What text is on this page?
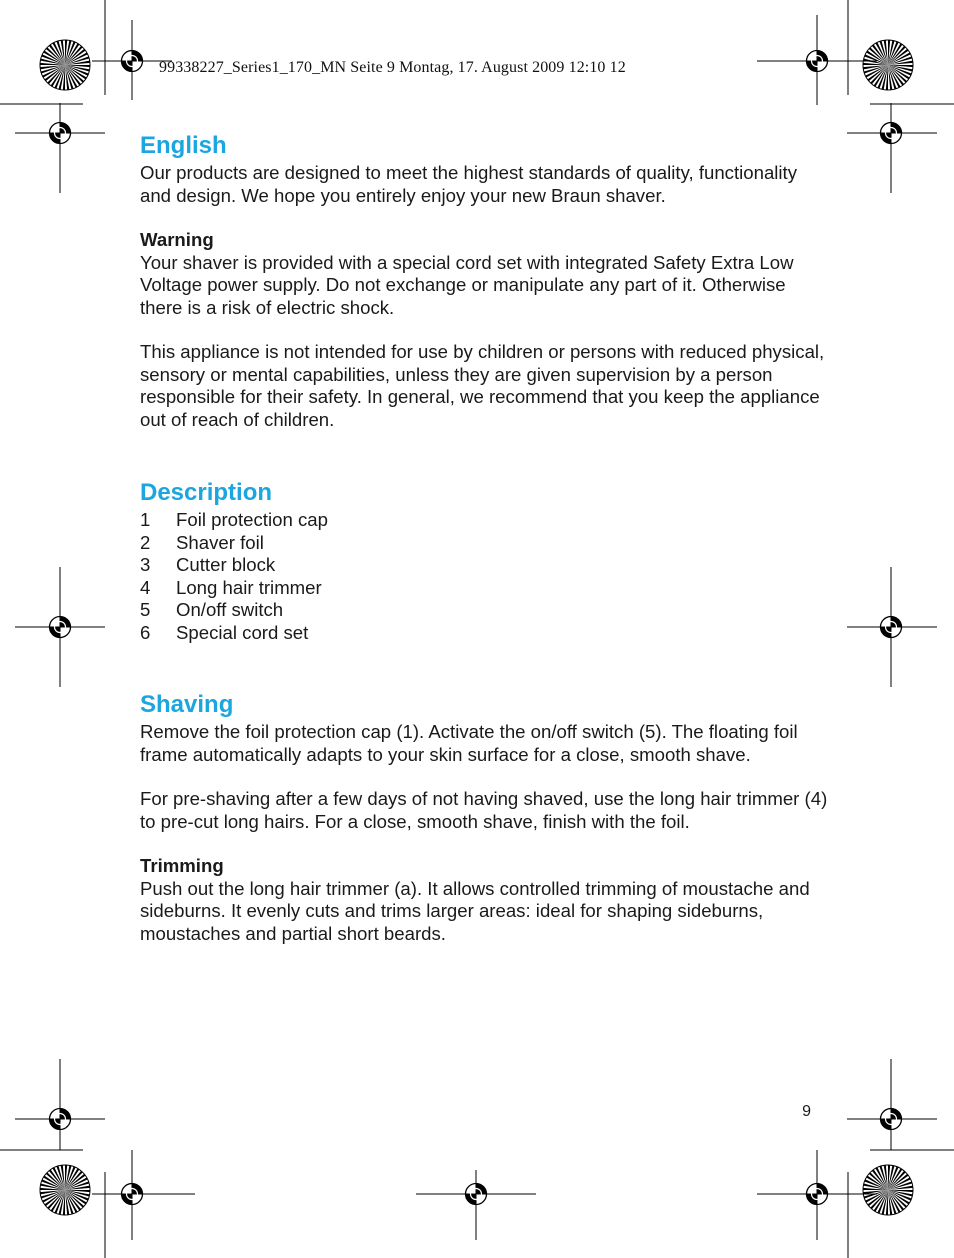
99338227_Series1_170_MN Seite 9 Montag, 17. August 2009 12:10 12
English

Our products are designed to meet the highest standards of quality, functionality and design. We hope you entirely enjoy your new Braun shaver.

Warning

Your shaver is provided with a special cord set with integrated Safety Extra Low Voltage power supply. Do not exchange or manipulate any part of it. Otherwise there is a risk of electric shock.

This appliance is not intended for use by children or persons with reduced physical, sensory or mental capabilities, unless they are given supervision by a person responsible for their safety. In general, we recommend that you keep the appliance out of reach of children.

Description
1	Foil protection cap
2	Shaver foil
3	Cutter block
4	Long hair trimmer
5	On/off switch
6	Special cord set
Shaving

Remove the foil protection cap (1). Activate the on/off switch (5). The floating foil frame automatically adapts to your skin surface for a close, smooth shave.

For pre-shaving after a few days of not having shaved, use the long hair trimmer (4) to pre-cut long hairs. For a close, smooth shave, finish with the foil.

Trimming

Push out the long hair trimmer (a). It allows controlled trimming of moustache and sideburns. It evenly cuts and trims larger areas: ideal for shaping sideburns, moustaches and partial short beards.

9
